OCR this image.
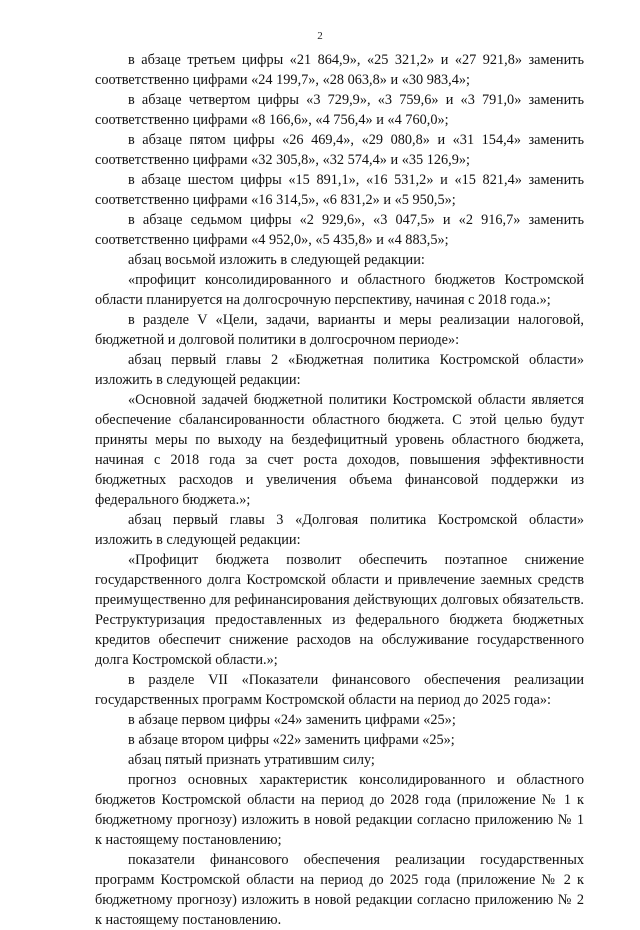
2

в абзаце третьем цифры «21 864,9», «25 321,2» и «27 921,8» заменить соответственно цифрами «24 199,7», «28 063,8» и «30 983,4»;

в абзаце четвертом цифры «3 729,9», «3 759,6» и «3 791,0» заменить соответственно цифрами «8 166,6», «4 756,4» и «4 760,0»;

в абзаце пятом цифры «26 469,4», «29 080,8» и «31 154,4» заменить соответственно цифрами «32 305,8», «32 574,4» и «35 126,9»;

в абзаце шестом цифры «15 891,1», «16 531,2» и «15 821,4» заменить соответственно цифрами «16 314,5», «6 831,2» и «5 950,5»;

в абзаце седьмом цифры «2 929,6», «3 047,5» и «2 916,7» заменить соответственно цифрами «4 952,0», «5 435,8» и «4 883,5»;

абзац восьмой изложить в следующей редакции:

«профицит консолидированного и областного бюджетов Костромской области планируется на долгосрочную перспективу, начиная с 2018 года.»;

в разделе V «Цели, задачи, варианты и меры реализации налоговой, бюджетной и долговой политики в долгосрочном периоде»:

абзац первый главы 2 «Бюджетная политика Костромской области» изложить в следующей редакции:

«Основной задачей бюджетной политики Костромской области является обеспечение сбалансированности областного бюджета. С этой целью будут приняты меры по выходу на бездефицитный уровень областного бюджета, начиная с 2018 года за счет роста доходов, повышения эффективности бюджетных расходов и увеличения объема финансовой поддержки из федерального бюджета.»;

абзац первый главы 3 «Долговая политика Костромской области» изложить в следующей редакции:

«Профицит бюджета позволит обеспечить поэтапное снижение государственного долга Костромской области и привлечение заемных средств преимущественно для рефинансирования действующих долговых обязательств. Реструктуризация предоставленных из федерального бюджета бюджетных кредитов обеспечит снижение расходов на обслуживание государственного долга Костромской области.»;

в разделе VII «Показатели финансового обеспечения реализации государственных программ Костромской области на период до 2025 года»:

в абзаце первом цифры «24» заменить цифрами «25»;

в абзаце втором цифры «22» заменить цифрами «25»;

абзац пятый признать утратившим силу;

прогноз основных характеристик консолидированного и областного бюджетов Костромской области на период до 2028 года (приложение № 1 к бюджетному прогнозу) изложить в новой редакции согласно приложению № 1 к настоящему постановлению;

показатели финансового обеспечения реализации государственных программ Костромской области на период до 2025 года (приложение № 2 к бюджетному прогнозу) изложить в новой редакции согласно приложению № 2 к настоящему постановлению.
